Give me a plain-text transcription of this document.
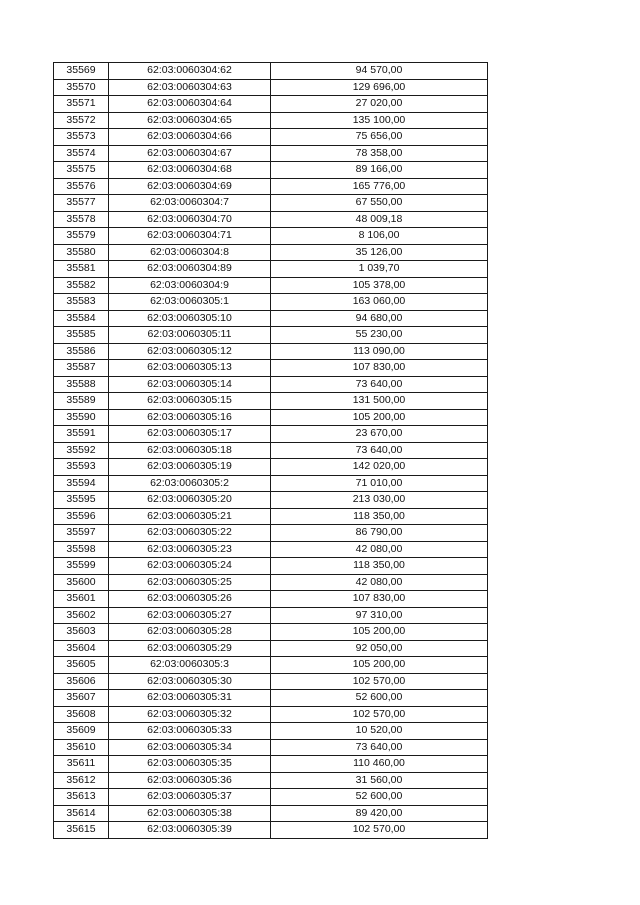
35569	62:03:0060304:62	94 570,00
35570	62:03:0060304:63	129 696,00
35571	62:03:0060304:64	27 020,00
35572	62:03:0060304:65	135 100,00
35573	62:03:0060304:66	75 656,00
35574	62:03:0060304:67	78 358,00
35575	62:03:0060304:68	89 166,00
35576	62:03:0060304:69	165 776,00
35577	62:03:0060304:7	67 550,00
35578	62:03:0060304:70	48 009,18
35579	62:03:0060304:71	8 106,00
35580	62:03:0060304:8	35 126,00
35581	62:03:0060304:89	1 039,70
35582	62:03:0060304:9	105 378,00
35583	62:03:0060305:1	163 060,00
35584	62:03:0060305:10	94 680,00
35585	62:03:0060305:11	55 230,00
35586	62:03:0060305:12	113 090,00
35587	62:03:0060305:13	107 830,00
35588	62:03:0060305:14	73 640,00
35589	62:03:0060305:15	131 500,00
35590	62:03:0060305:16	105 200,00
35591	62:03:0060305:17	23 670,00
35592	62:03:0060305:18	73 640,00
35593	62:03:0060305:19	142 020,00
35594	62:03:0060305:2	71 010,00
35595	62:03:0060305:20	213 030,00
35596	62:03:0060305:21	118 350,00
35597	62:03:0060305:22	86 790,00
35598	62:03:0060305:23	42 080,00
35599	62:03:0060305:24	118 350,00
35600	62:03:0060305:25	42 080,00
35601	62:03:0060305:26	107 830,00
35602	62:03:0060305:27	97 310,00
35603	62:03:0060305:28	105 200,00
35604	62:03:0060305:29	92 050,00
35605	62:03:0060305:3	105 200,00
35606	62:03:0060305:30	102 570,00
35607	62:03:0060305:31	52 600,00
35608	62:03:0060305:32	102 570,00
35609	62:03:0060305:33	10 520,00
35610	62:03:0060305:34	73 640,00
35611	62:03:0060305:35	110 460,00
35612	62:03:0060305:36	31 560,00
35613	62:03:0060305:37	52 600,00
35614	62:03:0060305:38	89 420,00
35615	62:03:0060305:39	102 570,00
